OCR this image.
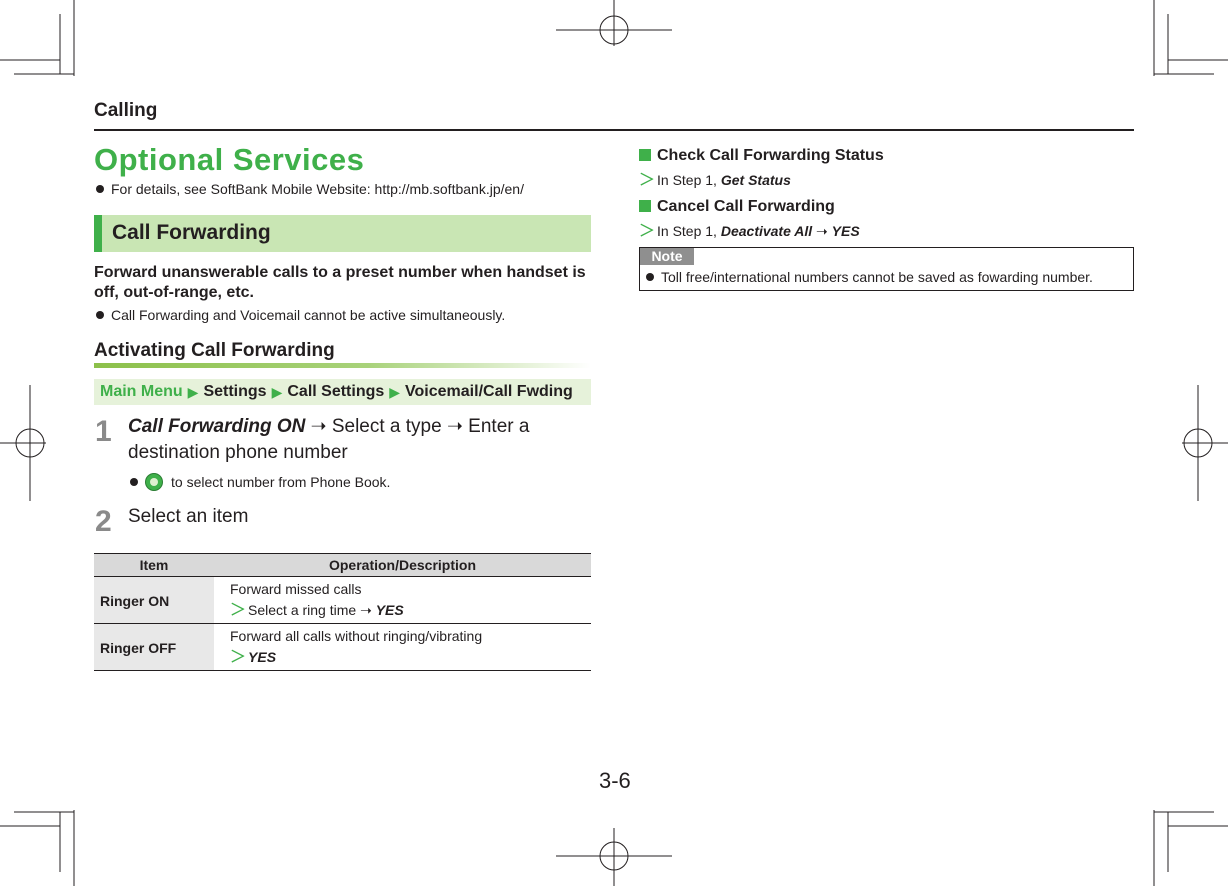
Calling
Optional Services
For details, see SoftBank Mobile Website: http://mb.softbank.jp/en/
Call Forwarding
Forward unanswerable calls to a preset number when handset is off, out-of-range, etc.
Call Forwarding and Voicemail cannot be active simultaneously.
Activating Call Forwarding
Main Menu ▶ Settings ▶ Call Settings ▶ Voicemail/Call Fwding
1 Call Forwarding ON ➝ Select a type ➝ Enter a destination phone number
to select number from Phone Book.
2 Select an item
Item	Operation/Description
Ringer ON	Forward missed calls
＞ Select a ring time ➝ YES

Ringer OFF	Forward all calls without ringing/vibrating
＞ YES
Check Call Forwarding Status
＞ In Step 1, Get Status
Cancel Call Forwarding
＞ In Step 1, Deactivate All ➝ YES
Note
Toll free/international numbers cannot be saved as fowarding number.
3-6
